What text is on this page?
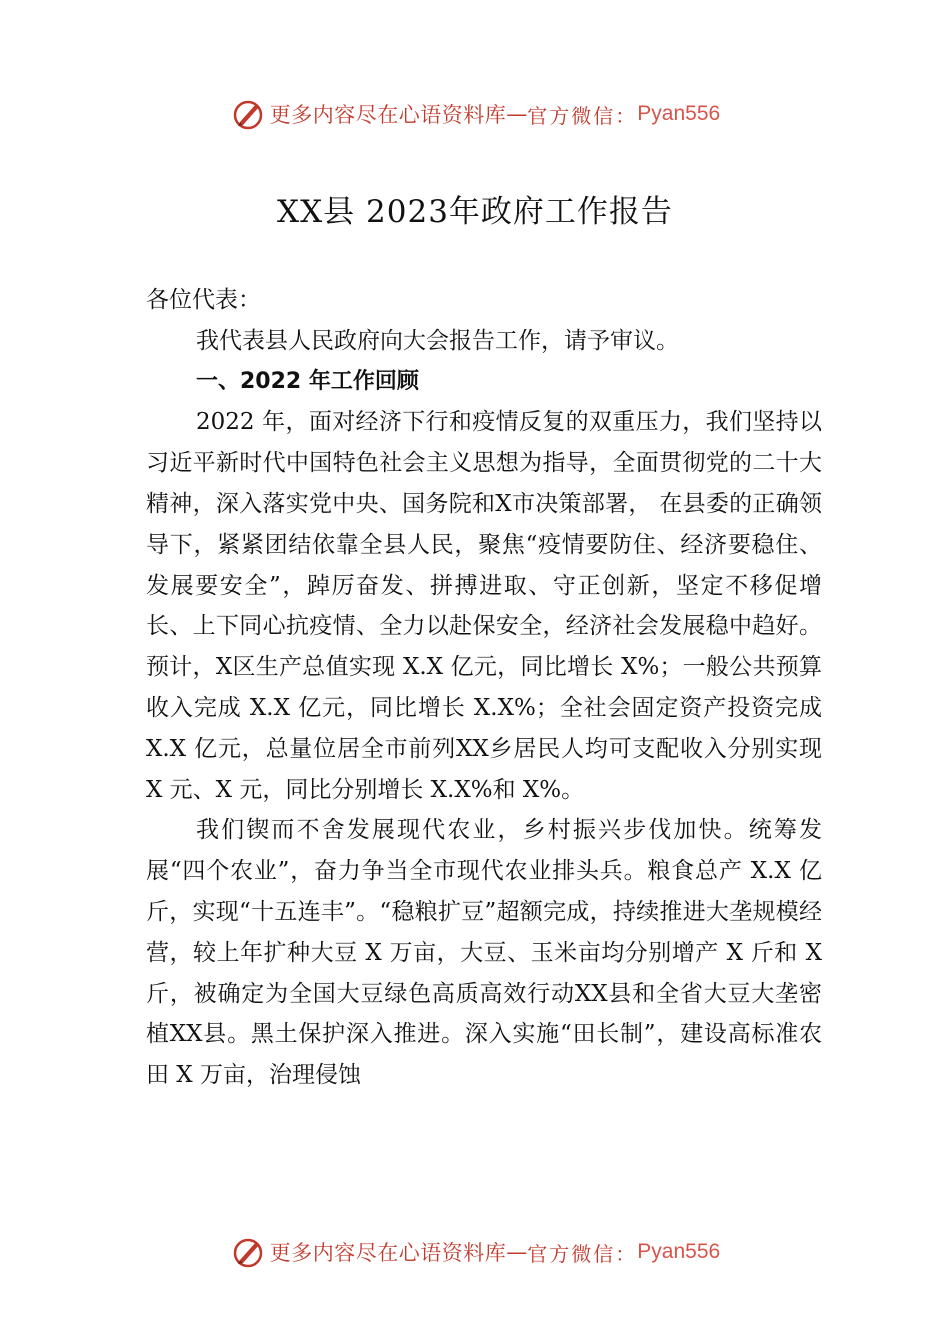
更多内容尽在心语资料库 — 官方微信： Pyan556
XX县 2023年政府工作报告

各位代表：

我代表县人民政府向大会报告工作，请予审议。

一、2022 年工作回顾

2022 年，面对经济下行和疫情反复的双重压力，我们坚持以习近平新时代中国特色社会主义思想为指导，全面贯彻党的二十大精神，深入落实党中央、国务院和X市决策部署， 在县委的正确领导下，紧紧团结依靠全县人民，聚焦“疫情要防住、经济要稳住、发展要安全”，踔厉奋发、拼搏进取、守正创新，坚定不移促增长、上下同心抗疫情、全力以赴保安全，经济社会发展稳中趋好。预计，X区生产总值实现 X.X 亿元，同比增长 X%；一般公共预算收入完成 X.X 亿元，同比增长 X.X%；全社会固定资产投资完成 X.X 亿元，总量位居全市前列XX乡居民人均可支配收入分别实现 X 元、X 元，同比分别增长 X.X%和 X%。

我们锲而不舍发展现代农业，乡村振兴步伐加快。统筹发展“四个农业”，奋力争当全市现代农业排头兵。粮食总产 X.X 亿斤，实现“十五连丰”。“稳粮扩豆”超额完成，持续推进大垄规模经营，较上年扩种大豆 X 万亩，大豆、玉米亩均分别增产 X 斤和 X 斤，被确定为全国大豆绿色高质高效行动XX县和全省大豆大垄密植XX县。黑土保护深入推进。深入实施“田长制”，建设高标准农田 X 万亩，治理侵蚀

更多内容尽在心语资料库 — 官方微信： Pyan556
